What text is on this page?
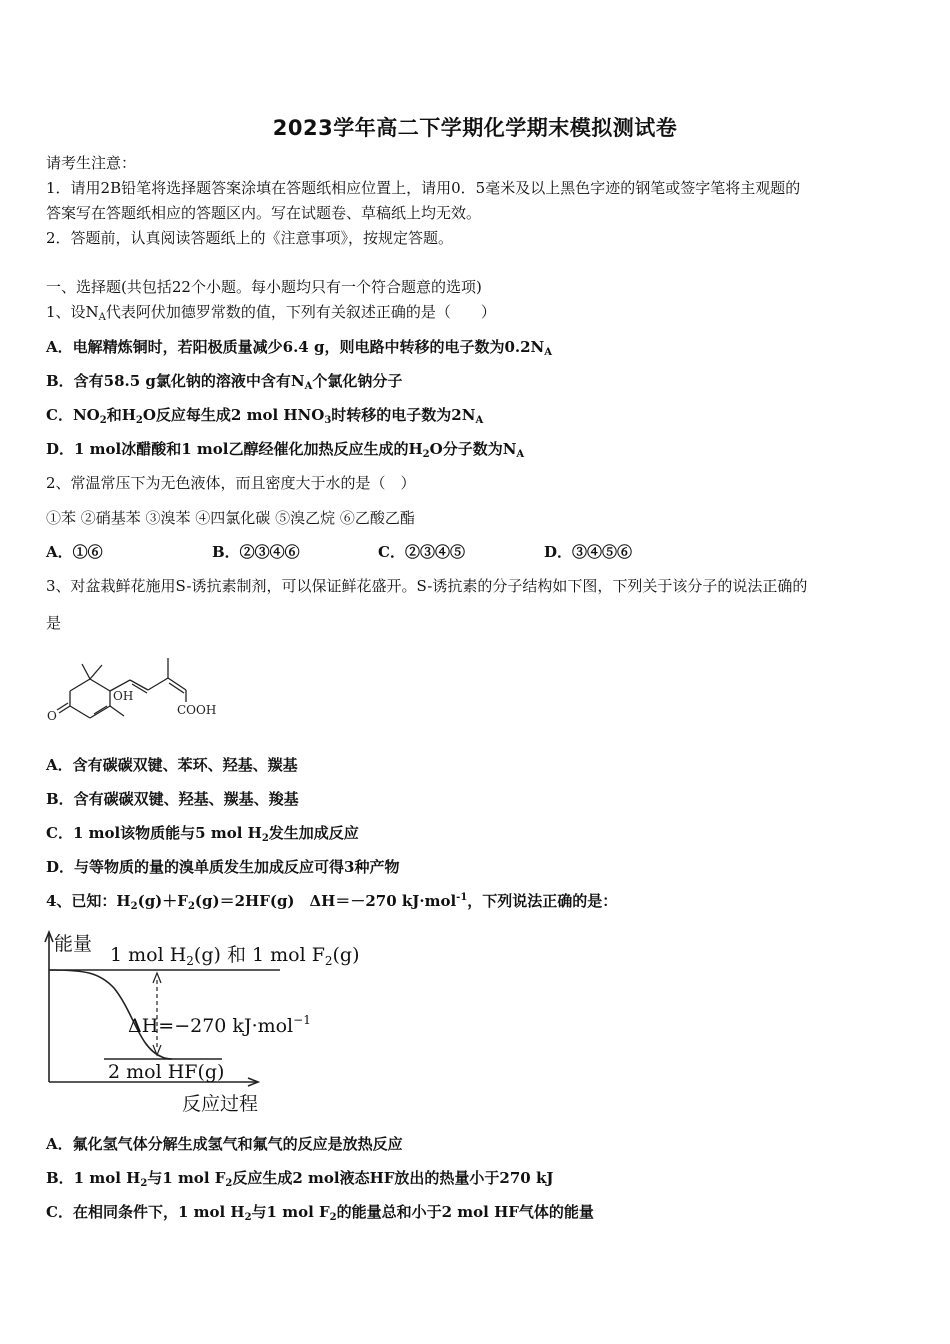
2023学年高二下学期化学期末模拟测试卷
请考生注意：
1．请用2B铅笔将选择题答案涂填在答题纸相应位置上，请用0．5毫米及以上黑色字迹的钢笔或签字笔将主观题的
答案写在答题纸相应的答题区内。写在试题卷、草稿纸上均无效。
2．答题前，认真阅读答题纸上的《注意事项》，按规定答题。
一、选择题(共包括22个小题。每小题均只有一个符合题意的选项)
1、设$N_A$代表阿伏加德罗常数的值，下列有关叙述正确的是（　　）
A．电解精炼铜时，若阳极质量减少6.4 g，则电路中转移的电子数为$0.2N_A$
B．含有58.5 g氯化钠的溶液中含有$N_A$个氯化钠分子
C．$NO_2$和$H_2O$反应每生成2 mol $HNO_3$时转移的电子数为$2N_A$
D．1 mol冰醋酸和1 mol乙醇经催化加热反应生成的$H_2O$分子数为$N_A$
2、常温常压下为无色液体，而且密度大于水的是（　）
①苯 ②硝基苯 ③溴苯 ④四氯化碳 ⑤溴乙烷 ⑥乙酸乙酯
A．①⑥	B．②③④⑥	C．②③④⑤	D．③④⑤⑥
3、对盆栽鲜花施用S-诱抗素制剂，可以保证鲜花盛开。S-诱抗素的分子结构如下图，下列关于该分子的说法正确的
是
OH
O	COOH
A．含有碳碳双键、苯环、羟基、羰基
B．含有碳碳双键、羟基、羰基、羧基
C．1 mol该物质能与5 mol $H_2$发生加成反应
D．与等物质的量的溴单质发生加成反应可得3种产物
4、已知：$H_2(g)+F_2(g)=2HF(g)$　ΔH＝－270 kJ·mol$^{-1}$，下列说法正确的是：
能量 1 mol $H_2(g)$ 和 1 mol $F_2(g)$
ΔH=−270 kJ·mol$^{-1}$
2 mol HF(g)
反应过程
A．氟化氢气体分解生成氢气和氟气的反应是放热反应
B．1 mol $H_2$与1 mol $F_2$反应生成2 mol液态HF放出的热量小于270 kJ
C．在相同条件下，1 mol $H_2$与1 mol $F_2$的能量总和小于2 mol HF气体的能量
